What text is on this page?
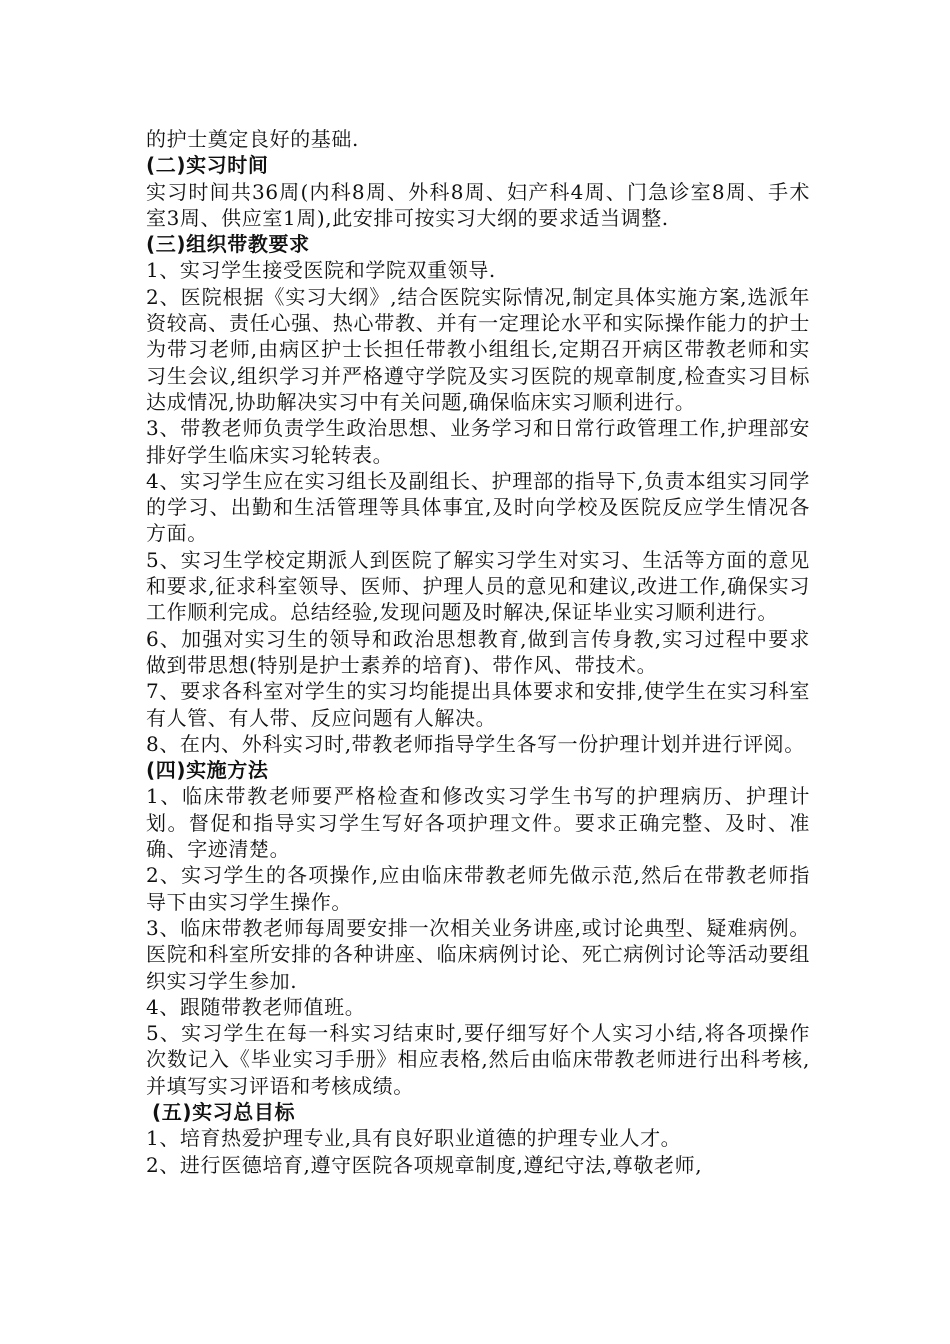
的护士奠定良好的基础.

(二)实习时间

实习时间共36周(内科8周、外科8周、妇产科4周、门急诊室8周、手术室3周、供应室1周),此安排可按实习大纲的要求适当调整.

(三)组织带教要求

1、实习学生接受医院和学院双重领导.

2、医院根据《实习大纲》,结合医院实际情况,制定具体实施方案,选派年资较高、责任心强、热心带教、并有一定理论水平和实际操作能力的护士为带习老师,由病区护士长担任带教小组组长,定期召开病区带教老师和实习生会议,组织学习并严格遵守学院及实习医院的规章制度,检查实习目标达成情况,协助解决实习中有关问题,确保临床实习顺利进行。

3、带教老师负责学生政治思想、业务学习和日常行政管理工作,护理部安排好学生临床实习轮转表。

4、实习学生应在实习组长及副组长、护理部的指导下,负责本组实习同学的学习、出勤和生活管理等具体事宜,及时向学校及医院反应学生情况各方面。

5、实习生学校定期派人到医院了解实习学生对实习、生活等方面的意见和要求,征求科室领导、医师、护理人员的意见和建议,改进工作,确保实习工作顺利完成。总结经验,发现问题及时解决,保证毕业实习顺利进行。

6、加强对实习生的领导和政治思想教育,做到言传身教,实习过程中要求做到带思想(特别是护士素养的培育)、带作风、带技术。

7、要求各科室对学生的实习均能提出具体要求和安排,使学生在实习科室有人管、有人带、反应问题有人解决。

8、在内、外科实习时,带教老师指导学生各写一份护理计划并进行评阅。

(四)实施方法

1、临床带教老师要严格检查和修改实习学生书写的护理病历、护理计划。督促和指导实习学生写好各项护理文件。要求正确完整、及时、准确、字迹清楚。

2、实习学生的各项操作,应由临床带教老师先做示范,然后在带教老师指导下由实习学生操作。

3、临床带教老师每周要安排一次相关业务讲座,或讨论典型、疑难病例。医院和科室所安排的各种讲座、临床病例讨论、死亡病例讨论等活动要组织实习学生参加.

4、跟随带教老师值班。

5、实习学生在每一科实习结束时,要仔细写好个人实习小结,将各项操作次数记入《毕业实习手册》相应表格,然后由临床带教老师进行出科考核,并填写实习评语和考核成绩。

(五)实习总目标

1、培育热爱护理专业,具有良好职业道德的护理专业人才。

2、进行医德培育,遵守医院各项规章制度,遵纪守法,尊敬老师,
